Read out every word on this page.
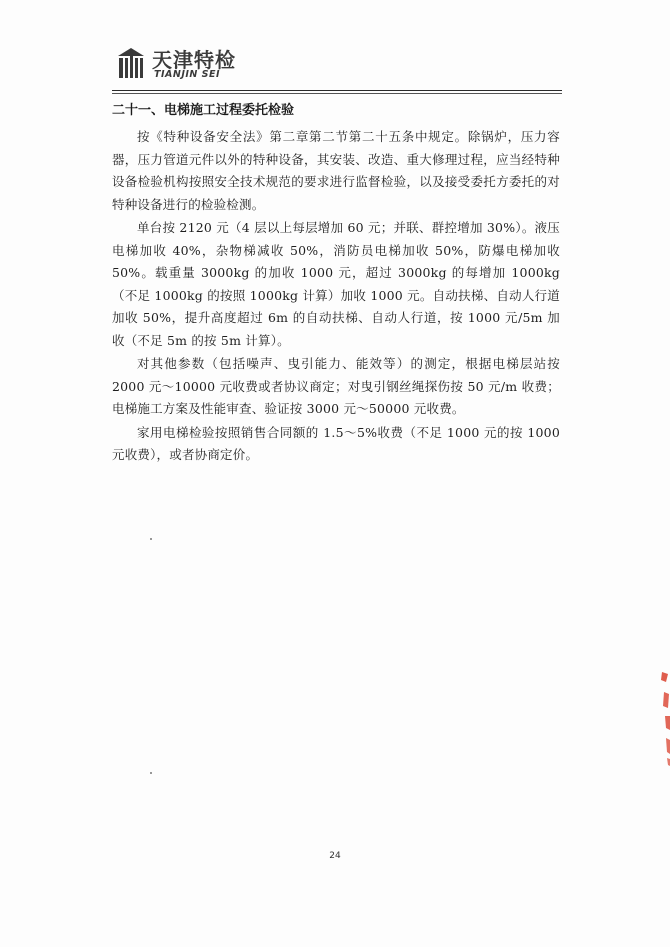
天津特检
TIANJIN SEI
二十一、电梯施工过程委托检验

按《特种设备安全法》第二章第二节第二十五条中规定。除锅炉，压力容器，压力管道元件以外的特种设备，其安装、改造、重大修理过程，应当经特种设备检验机构按照安全技术规范的要求进行监督检验，以及接受委托方委托的对特种设备进行的检验检测。

单台按 2120 元（4 层以上每层增加 60 元；并联、群控增加 30%）。液压电梯加收 40%，杂物梯减收 50%，消防员电梯加收 50%，防爆电梯加收 50%。载重量 3000kg 的加收 1000 元，超过 3000kg 的每增加 1000kg（不足 1000kg 的按照 1000kg 计算）加收 1000 元。自动扶梯、自动人行道加收 50%，提升高度超过 6m 的自动扶梯、自动人行道，按 1000 元/5m 加收（不足 5m 的按 5m 计算）。

对其他参数（包括噪声、曳引能力、能效等）的测定，根据电梯层站按 2000 元～10000 元收费或者协议商定；对曳引钢丝绳探伤按 50 元/m 收费；电梯施工方案及性能审查、验证按 3000 元～50000 元收费。

家用电梯检验按照销售合同额的 1.5～5%收费（不足 1000 元的按 1000 元收费），或者协商定价。

24
